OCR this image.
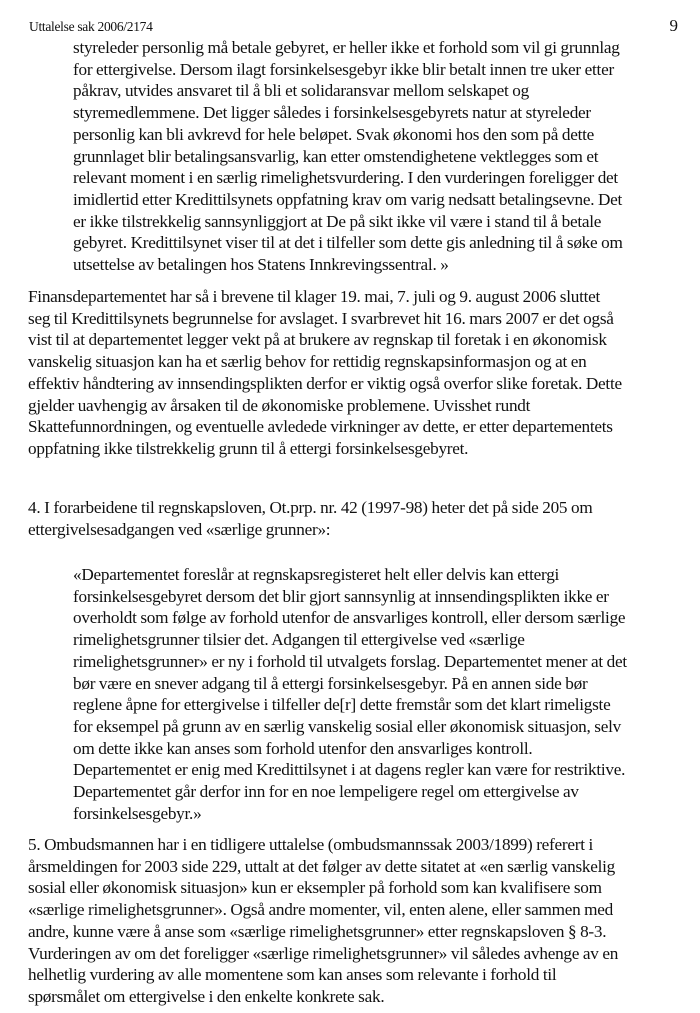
Uttalelse sak 2006/2174	9
styreleder personlig må betale gebyret, er heller ikke et forhold som vil gi grunnlag
for ettergivelse. Dersom ilagt forsinkelsesgebyr ikke blir betalt innen tre uker etter
påkrav, utvides ansvaret til å bli et solidaransvar mellom selskapet og
styremedlemmene. Det ligger således i forsinkelsesgebyrets natur at styreleder
personlig kan bli avkrevd for hele beløpet. Svak økonomi hos den som på dette
grunnlaget blir betalingsansvarlig, kan etter omstendighetene vektlegges som et
relevant moment i en særlig rimelighetsvurdering. I den vurderingen foreligger det
imidlertid etter Kredittilsynets oppfatning krav om varig nedsatt betalingsevne. Det
er ikke tilstrekkelig sannsynliggjort at De på sikt ikke vil være i stand til å betale
gebyret. Kredittilsynet viser til at det i tilfeller som dette gis anledning til å søke om
utsettelse av betalingen hos Statens Innkrevingssentral. »
Finansdepartementet har så i brevene til klager 19. mai, 7. juli og 9. august 2006 sluttet
seg til Kredittilsynets begrunnelse for avslaget. I svarbrevet hit 16. mars 2007 er det også
vist til at departementet legger vekt på at brukere av regnskap til foretak i en økonomisk
vanskelig situasjon kan ha et særlig behov for rettidig regnskapsinformasjon og at en
effektiv håndtering av innsendingsplikten derfor er viktig også overfor slike foretak. Dette
gjelder uavhengig av årsaken til de økonomiske problemene. Uvisshet rundt
Skattefunnordningen, og eventuelle avledede virkninger av dette, er etter departementets
oppfatning ikke tilstrekkelig grunn til å ettergi forsinkelsesgebyret.
4. I forarbeidene til regnskapsloven, Ot.prp. nr. 42 (1997-98) heter det på side 205 om
ettergivelsesadgangen ved «særlige grunner»:
«Departementet foreslår at regnskapsregisteret helt eller delvis kan ettergi
forsinkelsesgebyret dersom det blir gjort sannsynlig at innsendingsplikten ikke er
overholdt som følge av forhold utenfor de ansvarliges kontroll, eller dersom særlige
rimelighetsgrunner tilsier det. Adgangen til ettergivelse ved «særlige
rimelighetsgrunner» er ny i forhold til utvalgets forslag. Departementet mener at det
bør være en snever adgang til å ettergi forsinkelsesgebyr. På en annen side bør
reglene åpne for ettergivelse i tilfeller de[r] dette fremstår som det klart rimeligste
for eksempel på grunn av en særlig vanskelig sosial eller økonomisk situasjon, selv
om dette ikke kan anses som forhold utenfor den ansvarliges kontroll.
Departementet er enig med Kredittilsynet i at dagens regler kan være for restriktive.
Departementet går derfor inn for en noe lempeligere regel om ettergivelse av
forsinkelsesgebyr.»
5. Ombudsmannen har i en tidligere uttalelse (ombudsmannssak 2003/1899) referert i
årsmeldingen for 2003 side 229, uttalt at det følger av dette sitatet at «en særlig vanskelig
sosial eller økonomisk situasjon» kun er eksempler på forhold som kan kvalifisere som
«særlige rimelighetsgrunner». Også andre momenter, vil, enten alene, eller sammen med
andre, kunne være å anse som «særlige rimelighetsgrunner» etter regnskapsloven § 8-3.
Vurderingen av om det foreligger «særlige rimelighetsgrunner» vil således avhenge av en
helhetlig vurdering av alle momentene som kan anses som relevante i forhold til
spørsmålet om ettergivelse i den enkelte konkrete sak.
